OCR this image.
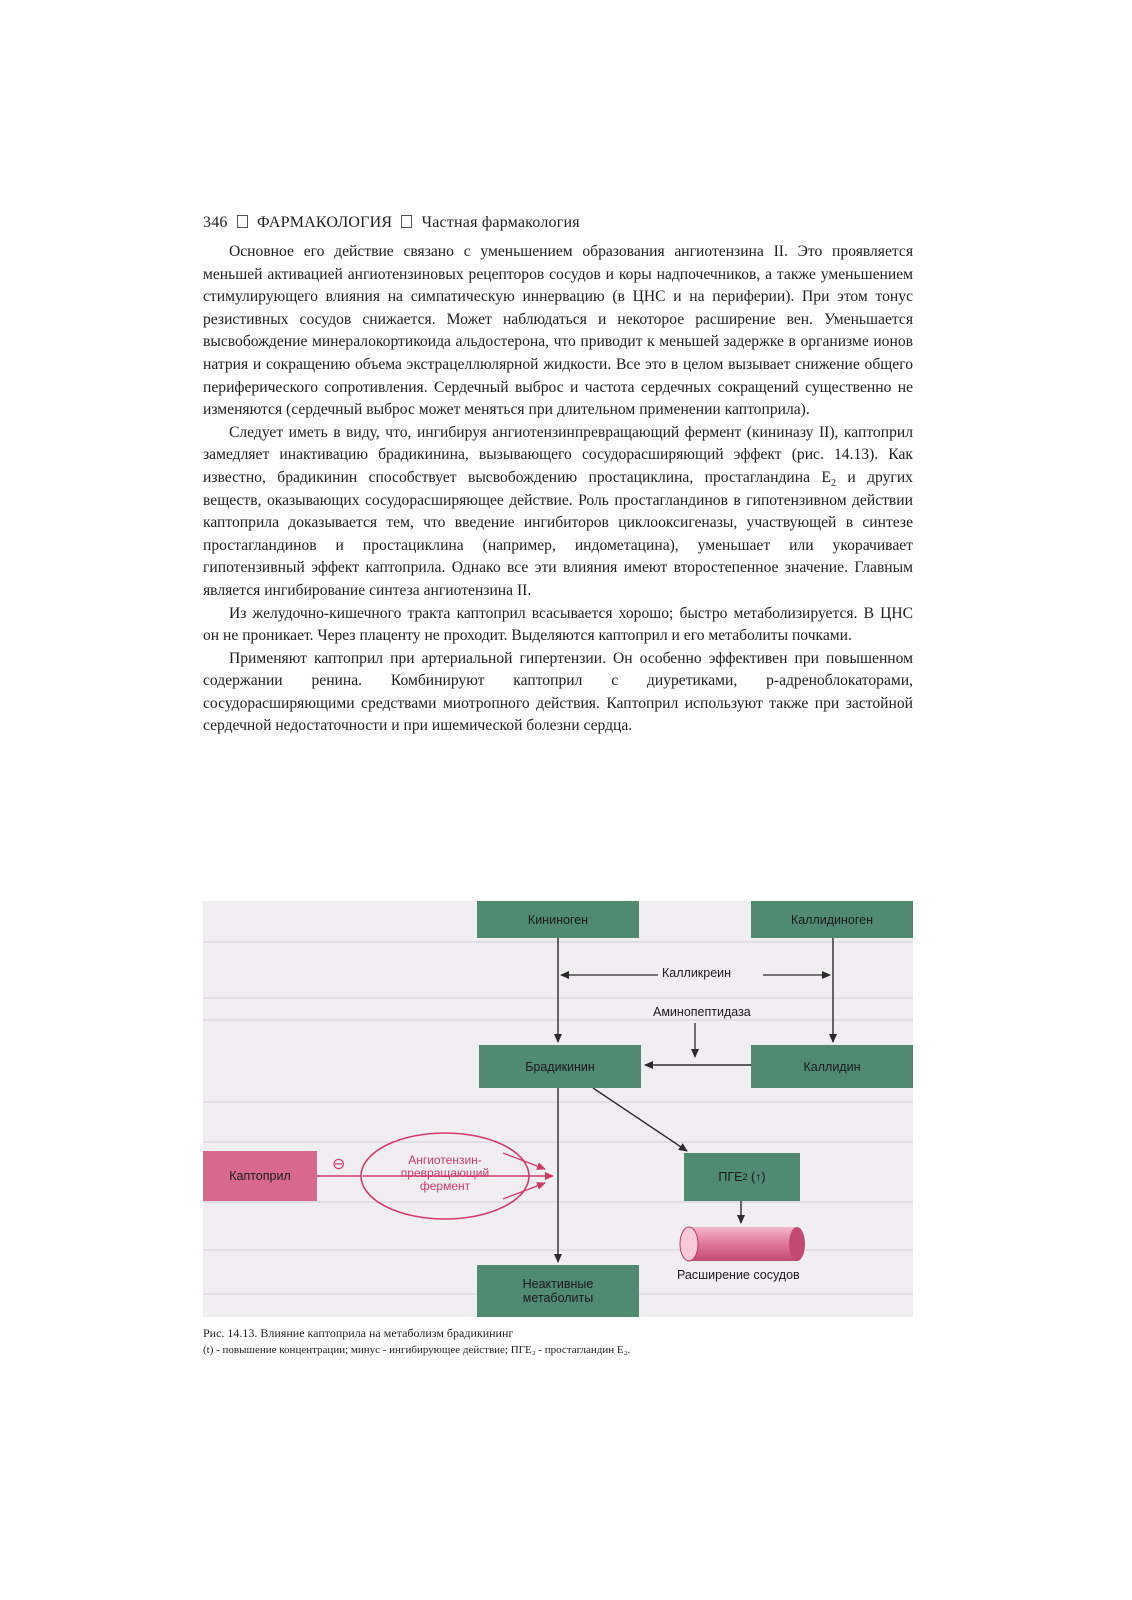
346 ФАРМАКОЛОГИЯ Частная фармакология

Основное его действие связано с уменьшением образования ангиотензина II. Это проявляется меньшей активацией ангиотензиновых рецепторов сосудов и коры надпочечников, а также уменьшением стимулирующего влияния на симпатическую иннервацию (в ЦНС и на периферии). При этом тонус резистивных сосудов снижается. Может наблюдаться и некоторое расширение вен. Уменьшается высвобождение минералокортикоида альдостерона, что приводит к меньшей задержке в организме ионов натрия и сокращению объема экстрацеллюлярной жидкости. Все это в целом вызывает снижение общего периферического сопротивления. Сердечный выброс и частота сердечных сокращений существенно не изменяются (сердечный выброс может меняться при длительном применении каптоприла).

Следует иметь в виду, что, ингибируя ангиотензинпревращающий фермент (кининазу II), каптоприл замедляет инактивацию брадикинина, вызывающего сосудорасширяющий эффект (рис. 14.13). Как известно, брадикинин способствует высвобождению простациклина, простагландина $E_2$ и других веществ, оказывающих сосудорасширяющее действие. Роль простагландинов в гипотензивном действии каптоприла доказывается тем, что введение ингибиторов циклооксигеназы, участвующей в синтезе простагландинов и простациклина (например, индометацина), уменьшает или укорачивает гипотензивный эффект каптоприла. Однако все эти влияния имеют второстепенное значение. Главным является ингибирование синтеза ангиотензина II.

Из желудочно-кишечного тракта каптоприл всасывается хорошо; быстро метаболизируется. В ЦНС он не проникает. Через плаценту не проходит. Выделяются каптоприл и его метаболиты почками.

Применяют каптоприл при артериальной гипертензии. Он особенно эффективен при повышенном содержании ренина. Комбинируют каптоприл с диуретиками, р-адреноблокаторами, сосудорасширяющими средствами миотропного действия. Каптоприл используют также при застойной сердечной недостаточности и при ишемической болезни сердца.

Кининоген	Каллидиноген
Калликреин
Аминопептидаза
Брадикинин	Каллидин
Каптоприл
⊖	Ангиотензин-
превращающий
фермент
ПГЕ 2
(↑)
Неактивные
метаболиты
Расширение сосудов
Рис. 14.13. Влияние каптоприла на метаболизм брадикининг
(t) - повышение концентрации; минус - ингибирующее действие; ПГЕ₂ - простагландин E₂.
